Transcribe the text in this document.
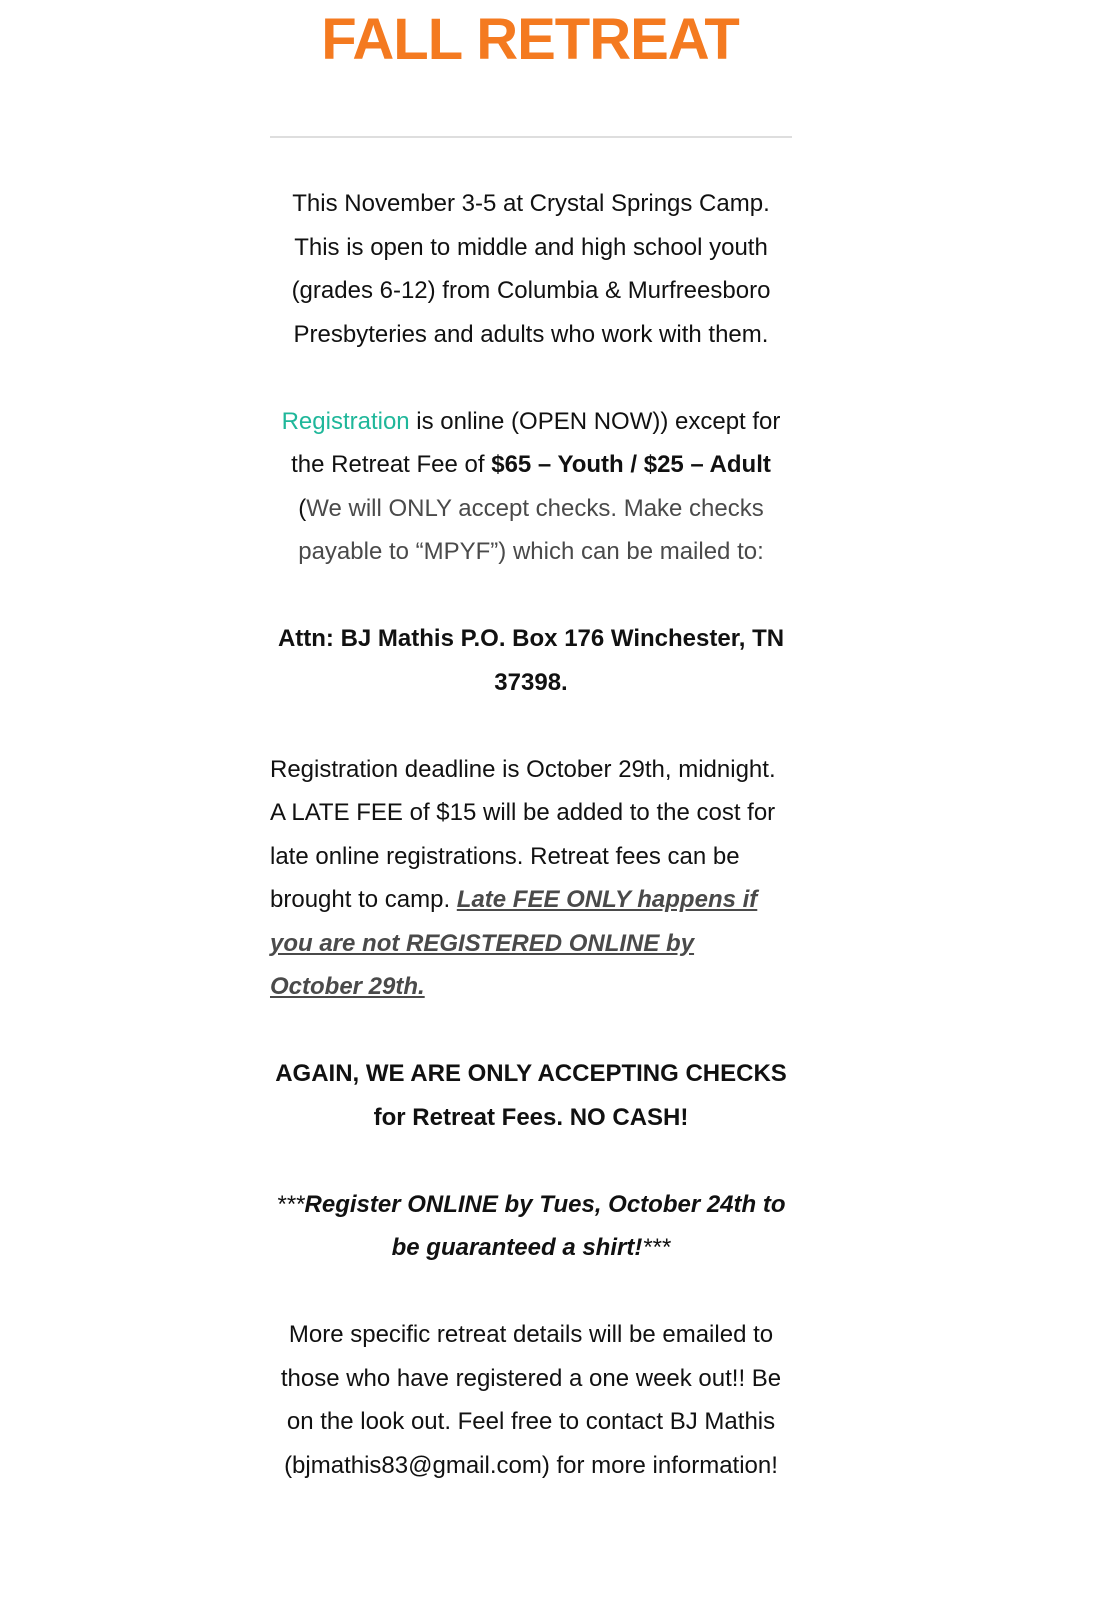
FALL RETREAT

This November 3-5 at Crystal Springs Camp. This is open to middle and high school youth (grades 6-12) from Columbia & Murfreesboro Presbyteries and adults who work with them.

Registration is online (OPEN NOW)) except for the Retreat Fee of $65 – Youth / $25 – Adult (We will ONLY accept checks. Make checks payable to “MPYF”) which can be mailed to:

Attn: BJ Mathis P.O. Box 176 Winchester, TN 37398.

Registration deadline is October 29th, midnight. A LATE FEE of $15 will be added to the cost for late online registrations. Retreat fees can be brought to camp. Late FEE ONLY happens if you are not REGISTERED ONLINE by October 29th.

AGAIN, WE ARE ONLY ACCEPTING CHECKS for Retreat Fees. NO CASH!

***Register ONLINE by Tues, October 24th to be guaranteed a shirt!***

More specific retreat details will be emailed to those who have registered a one week out!! Be on the look out. Feel free to contact BJ Mathis (bjmathis83@gmail.com) for more information!
